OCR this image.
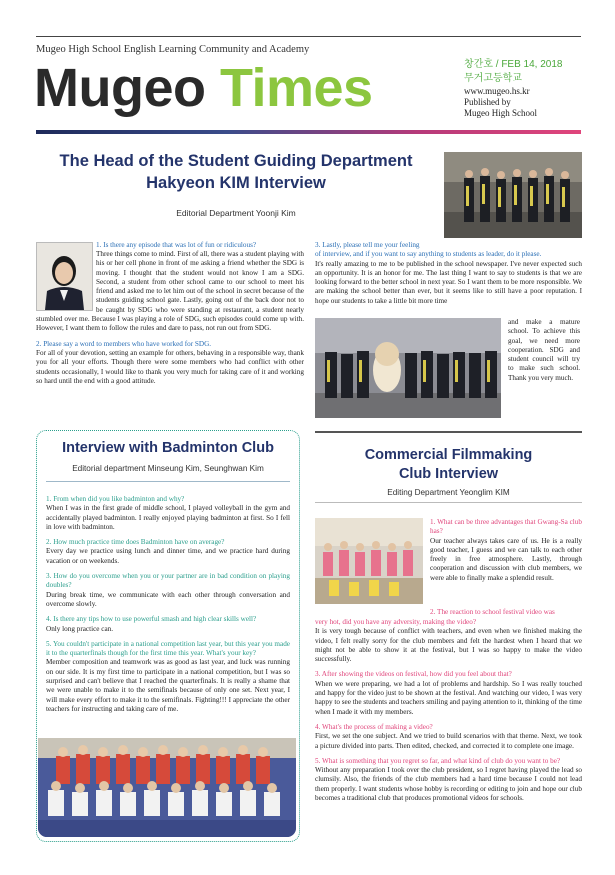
Mugeo High School English Learning Community and Academy
Mugeo Times	창간호 / FEB 14, 2018
무거고등학교
www.mugeo.hs.kr
Published by
Mugeo High School
The Head of the Student Guiding Department
Hakyeon KIM Interview
Editorial Department Yoonji Kim
1. Is there any episode that was lot of fun or ridiculous?
Three things come to mind. First of all, there was a student playing with his or her cell phone in front of me asking a friend whether the SDG is moving. I thought that the student would not know I am a SDG. Second, a student from other school came to our school to meet his friend and asked me to let him out of the school in secret because of the students guiding school gate. Lastly, going out of the back door not to be caught by SDG who were standing at restaurant, a student nearly stumbled over me. Because I was playing a role of SDG, such episodes could come up with. However, I want them to follow the rules and dare to pass, not run out from SDG.
2. Please say a word to members who have worked for SDG.
For all of your devotion, setting an example for others, behaving in a responsible way, thank you for all your efforts. Though there were some members who had conflict with other students occasionally, I would like to thank you very much for taking care of it and working so hard until the end with a good attitude.
3. Lastly, please tell me your feeling
of interview, and if you want to say anything to students as leader, do it please.
It's really amazing to me to be published in the school newspaper. I've never expected such an opportunity. It is an honor for me. The last thing I want to say to students is that we are looking forward to the better school in next year. So I want them to be more responsible. We are making the school better than ever, but it seems like to still have a poor reputation. I hope our students to take a little bit more time
and make a mature school. To achieve this goal, we need more cooperation. SDG and student council will try to make such school. Thank you very much.
Interview with Badminton Club
Editorial department Minseung Kim, Seunghwan Kim
1. From when did you like badminton and why?
When I was in the first grade of middle school, I played volleyball in the gym and accidentally played badminton. I really enjoyed playing badminton at first. So I fell in love with badminton.
2. How much practice time does Badminton have on average?
Every day we practice using lunch and dinner time, and we practice hard during vacation or on weekends.
3. How do you overcome when you or your partner are in bad condition on playing doubles?
During break time, we communicate with each other through conversation and overcome slowly.
4. Is there any tips how to use powerful smash and high clear skills well?
Only long practice can.
5. You couldn't participate in a national competition last year, but this year you made it to the quarterfinals though for the first time this year. What's your key?
Member composition and teamwork was as good as last year, and luck was running on our side. It is my first time to participate in a national competition, but I was so surprised and can't believe that I reached the quarterfinals. It is really a shame that we were unable to make it to the semifinals because of only one set. Next year, I will make every effort to make it to the semifinals. Fighting!!! I appreciate the other teachers for instructing and taking care of me.
Commercial Filmmaking
Club Interview
Editing Department Yeonglim KIM
1. What can be three advantages that Gwang-Sa club has?
Our teacher always takes care of us. He is a really good teacher, I guess and we can talk to each other freely in free atmosphere. Lastly, through cooperation and discussion with club members, we were able to finally make a splendid result.
2. The reaction to school festival video was
very hot, did you have any adversity, making the video?
It is very tough because of conflict with teachers, and even when we finished making the video, I felt really sorry for the club members and felt the hardest when I heard that we might not be able to show it at the festival, but I was so happy to make the video successfully.
3. After showing the videos on festival, how did you feel about that?
When we were preparing, we had a lot of problems and hardship. So I was really touched and happy for the video just to be shown at the festival. And watching our video, I was very happy to see the students and teachers smiling and paying attention to it, thinking of the time when I made it with my members.
4. What's the process of making a video?
First, we set the one subject. And we tried to build scenarios with that theme. Next, we took a picture divided into parts. Then edited, checked, and corrected it to complete one image.
5. What is something that you regret so far, and what kind of club do you want to be?
Without any preparation I took over the club president, so I regret having played the lead so clumsily. Also, the friends of the club members had a hard time because I could not lead them properly. I want students whose hobby is recording or editing to join and hope our club becomes a traditional club that produces promotional videos for schools.
